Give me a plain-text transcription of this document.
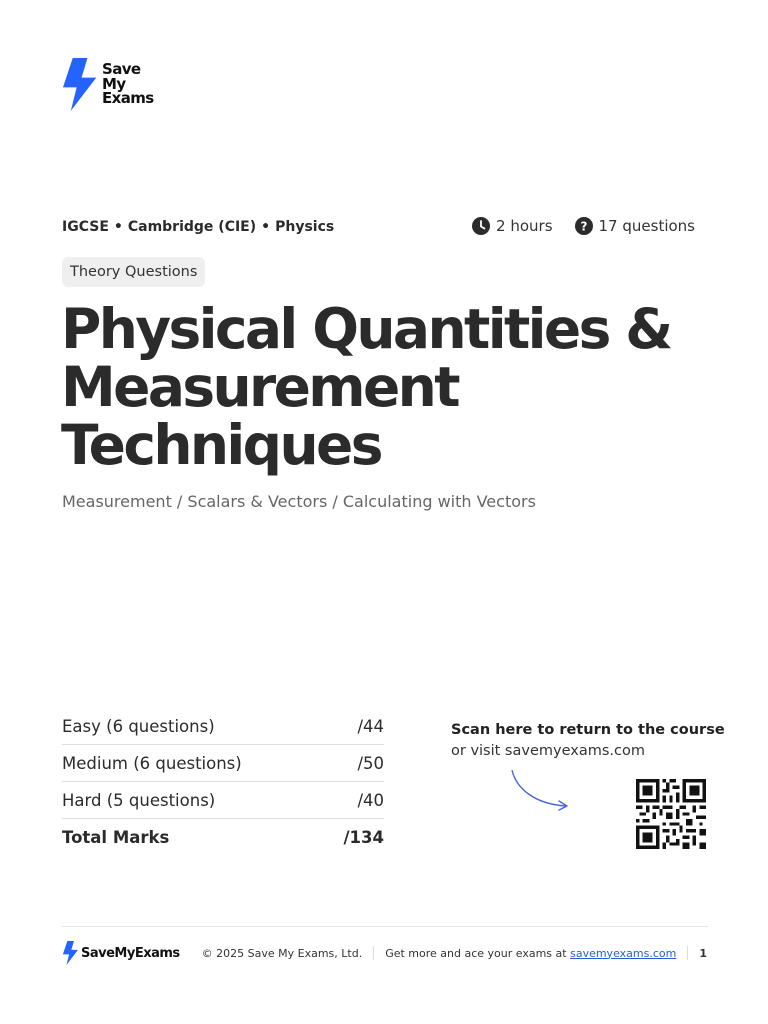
Save
My
Exams
IGCSE • Cambridge (CIE) • Physics	2 hours ? 17 questions
Theory Questions
Physical Quantities &
Measurement
Techniques
Measurement / Scalars & Vectors / Calculating with Vectors
Easy (6 questions)	/44
Medium (6 questions)	/50
Hard (5 questions)	/40
Total Marks	/134
Scan here to return to the course
or visit savemyexams.com
SaveMyExams © 2025 Save My Exams, Ltd. Get more and ace your exams at savemyexams.com 1
